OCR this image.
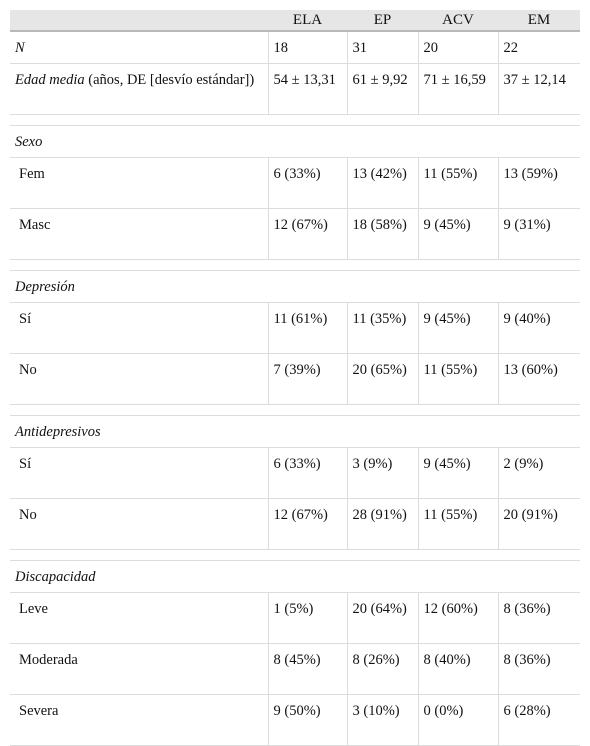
	ELA	EP	ACV	EM
N	18	31	20	22
Edad media (años, DE [desvío estándar])	54 ± 13,31	61 ± 9,92	71 ± 16,59	37 ± 12,14

Sexo				
Fem	6 (33%)	13 (42%)	11 (55%)	13 (59%)
Masc	12 (67%)	18 (58%)	9 (45%)	9 (31%)

Depresión				
Sí	11 (61%)	11 (35%)	9 (45%)	9 (40%)
No	7 (39%)	20 (65%)	11 (55%)	13 (60%)

Antidepresivos				
Sí	6 (33%)	3 (9%)	9 (45%)	2 (9%)
No	12 (67%)	28 (91%)	11 (55%)	20 (91%)

Discapacidad				
Leve	1 (5%)	20 (64%)	12 (60%)	8 (36%)
Moderada	8 (45%)	8 (26%)	8 (40%)	8 (36%)
Severa	9 (50%)	3 (10%)	0 (0%)	6 (28%)
